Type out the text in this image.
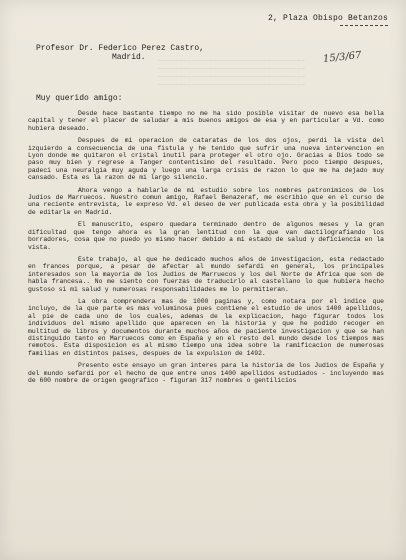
~~~~~~~~~~~~~~~~~~~~~~~~~~~~~~~~~~~
~~~~~~~~~~~~~~~~~~~~~~~~~~~~~~~~~~~
~~~~~~~~~~~~~~~~~~~~~~~~~~~~~~~~~~~
~~~~~~~~~~~~~~~~~~~~~~~~~~~~~~~~~~~
2, Plaza Obispo Betanzos
Profesor Dr. Federico Perez Castro,
Madrid.	15/3/67
Muy querido amigo:

Desde hace bastante tiempo no me ha sido posible visitar de nuevo esa bella capital y tener el placer de saludar a mis buenos amigos de esa y en particular a Vd. como hubiera deseado.

Despues de mi operacion de cataratas de los dos ojos, perdi la vista del izquierdo a consecuencia de una fistula y he tenido que sufrir una nueva intervencion en Lyon donde me quitaron el cristal inutil para proteger el otro ojo. Gracias a Dios todo se paso muy bien y regrese a Tanger contentisimo del resultado. Pero poco tiempo despues, padeci una neuralgia muy aguda y luego una larga crisis de razon lo que me ha dejado muy cansado. Esta es la razon de mi largo silencio.

Ahora vengo a hablarle de mi estudio sobre los nombres patronimicos de los Judios de Marruecos. Nuestro comun amigo, Rafael Benazeraf, me escribio que en el curso de una reciente entrevista, le expreso Vd. el deseo de ver publicada esta obra y la posibilidad de editarla en Madrid.

El manuscrito, espero quedara terminado dentro de algunos meses y la gran dificultad que tengo ahora es la gran lentitud con la que van dactilografiando los borradores, cosa que no puedo yo mismo hacer debido a mi estado de salud y deficiencia en la vista.

Este trabajo, al que he dedicado muchos años de investigacion, esta redactado en frances porque, a pesar de afectar al mundo sefardi en general, los principales interesados son la mayoria de los Judios de Marruecos y los del Norte de Africa que son de habla francesa.. No me siento con fuerzas de traducirlo al castellano lo que hubiera hecho gustoso si mi salud y numerosas responsabilidades me lo permitieran.

La obra comprendera mas de 1000 paginas y, como notara por el indice que incluyo, de la que parte es mas voluminosa pues contiene el estudio de unos 1400 apellidos, al pie de cada uno de los cuales, ademas de la explicacion, hago figurar todos los individuos del mismo apellido que aparecen en la historia y que he podido recoger en multitud de libros y documentos durante muchos años de paciente investigacion y que se han distinguido tanto en Marruecos como en España y en el resto del mundo desde los tiempos mas remotos. Esta disposicion es al mismo tiempo una idea sobre la ramificacion de numerosas familias en distintos paises, despues de la expulsion de 1492.

Presento este ensayo un gran interes para la historia de los Judios de España y del mundo sefardi por el hecho de que entre unos 1400 apellidos estudiados - incluyendo mas de 600 nombre de origen geografico - figuran 317 nombres o gentilicios
